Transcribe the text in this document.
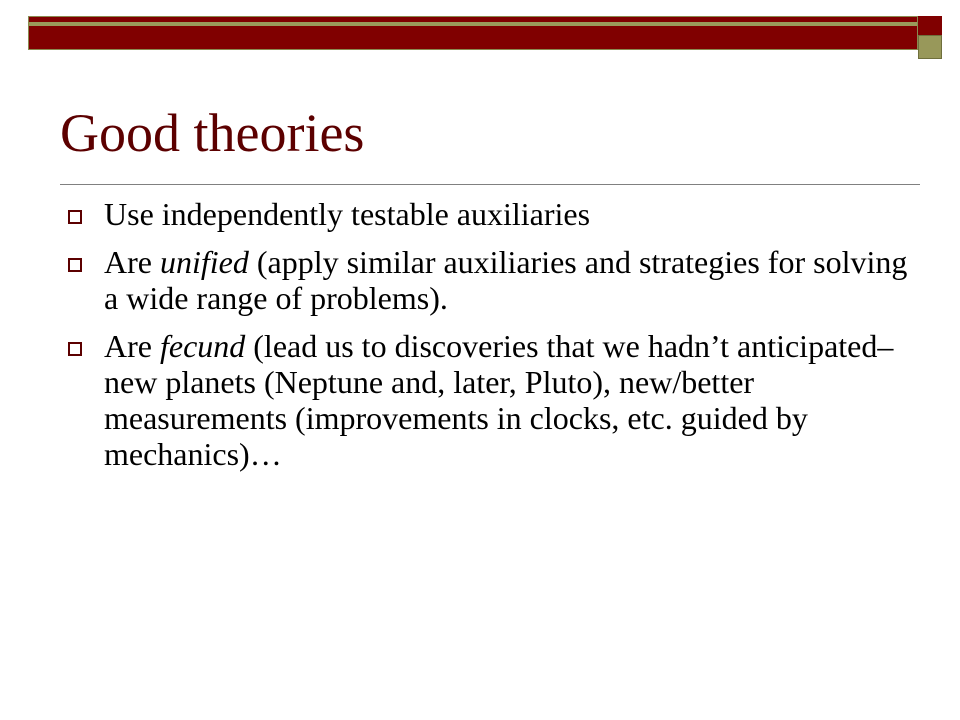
Good theories
Use independently testable auxiliaries
Are unified (apply similar auxiliaries and strategies for solving a wide range of problems).
Are fecund (lead us to discoveries that we hadn’t anticipated– new planets (Neptune and, later, Pluto), new/better measurements (improvements in clocks, etc. guided by mechanics)…
